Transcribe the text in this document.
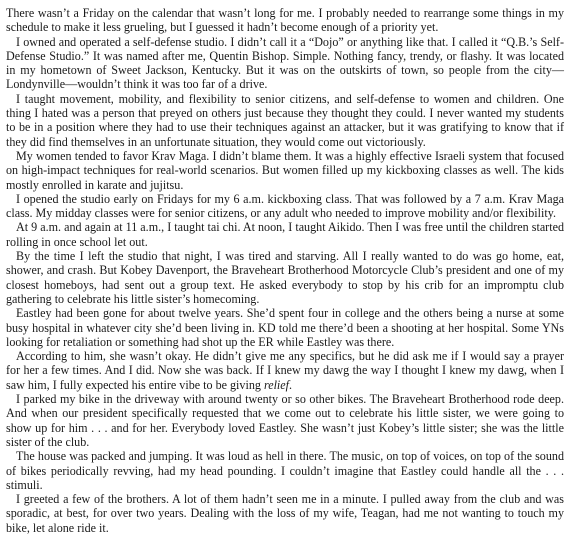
There wasn’t a Friday on the calendar that wasn’t long for me. I probably needed to rearrange some things in my schedule to make it less grueling, but I guessed it hadn’t become enough of a priority yet.

I owned and operated a self-defense studio. I didn’t call it a “Dojo” or anything like that. I called it “Q.B.’s Self-Defense Studio.” It was named after me, Quentin Bishop. Simple. Nothing fancy, trendy, or flashy. It was located in my hometown of Sweet Jackson, Kentucky. But it was on the outskirts of town, so people from the city—Londynville—wouldn’t think it was too far of a drive.

I taught movement, mobility, and flexibility to senior citizens, and self-defense to women and children. One thing I hated was a person that preyed on others just because they thought they could. I never wanted my students to be in a position where they had to use their techniques against an attacker, but it was gratifying to know that if they did find themselves in an unfortunate situation, they would come out victoriously.

My women tended to favor Krav Maga. I didn’t blame them. It was a highly effective Israeli system that focused on high-impact techniques for real-world scenarios. But women filled up my kickboxing classes as well. The kids mostly enrolled in karate and jujitsu.

I opened the studio early on Fridays for my 6 a.m. kickboxing class. That was followed by a 7 a.m. Krav Maga class. My midday classes were for senior citizens, or any adult who needed to improve mobility and/or flexibility.

At 9 a.m. and again at 11 a.m., I taught tai chi. At noon, I taught Aikido. Then I was free until the children started rolling in once school let out.

By the time I left the studio that night, I was tired and starving. All I really wanted to do was go home, eat, shower, and crash. But Kobey Davenport, the Braveheart Brotherhood Motorcycle Club’s president and one of my closest homeboys, had sent out a group text. He asked everybody to stop by his crib for an impromptu club gathering to celebrate his little sister’s homecoming.

Eastley had been gone for about twelve years. She’d spent four in college and the others being a nurse at some busy hospital in whatever city she’d been living in. KD told me there’d been a shooting at her hospital. Some YNs looking for retaliation or something had shot up the ER while Eastley was there.

According to him, she wasn’t okay. He didn’t give me any specifics, but he did ask me if I would say a prayer for her a few times. And I did. Now she was back. If I knew my dawg the way I thought I knew my dawg, when I saw him, I fully expected his entire vibe to be giving relief.

I parked my bike in the driveway with around twenty or so other bikes. The Braveheart Brotherhood rode deep. And when our president specifically requested that we come out to celebrate his little sister, we were going to show up for him . . . and for her. Everybody loved Eastley. She wasn’t just Kobey’s little sister; she was the little sister of the club.

The house was packed and jumping. It was loud as hell in there. The music, on top of voices, on top of the sound of bikes periodically revving, had my head pounding. I couldn’t imagine that Eastley could handle all the . . . stimuli.

I greeted a few of the brothers. A lot of them hadn’t seen me in a minute. I pulled away from the club and was sporadic, at best, for over two years. Dealing with the loss of my wife, Teagan, had me not wanting to touch my bike, let alone ride it.
